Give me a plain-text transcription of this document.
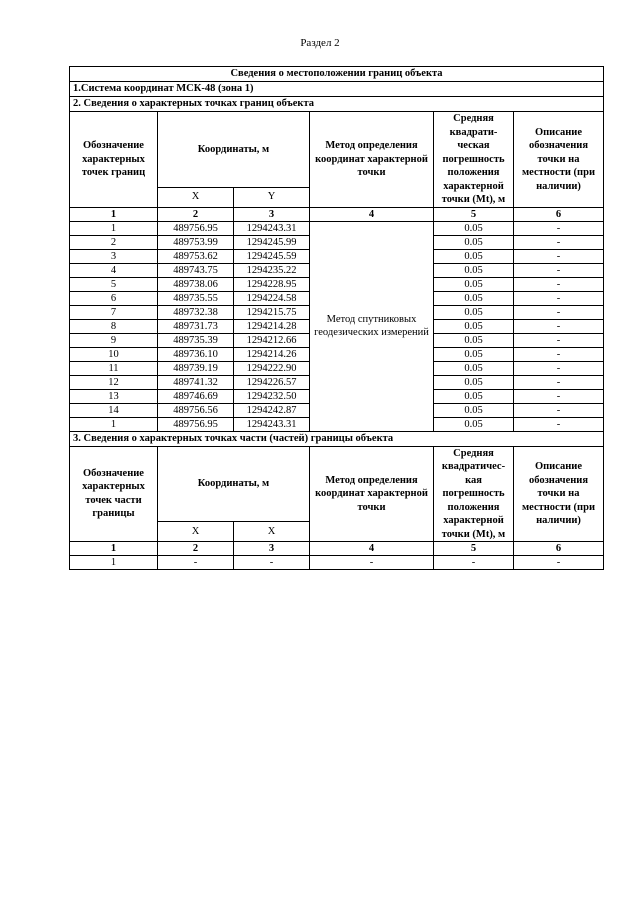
Раздел 2
Сведения о местоположении границ объекта					
1.Система координат МСК-48 (зона 1)					
2. Сведения о характерных точках границ объекта					
Обозначение характерных точек границ	Координаты, м		Метод определения координат характерной точки	Средняя квадрати-ческая погрешность положения характерной точки (Mt), м	Описание обозначения точки на местности (при наличии)
	X	Y			
1	2	3	4	5	6
1	489756.95	1294243.31	Метод спутниковых геодезических измерений	0.05	-
2	489753.99	1294245.99		0.05	-
3	489753.62	1294245.59		0.05	-
4	489743.75	1294235.22		0.05	-
5	489738.06	1294228.95		0.05	-
6	489735.55	1294224.58		0.05	-
7	489732.38	1294215.75		0.05	-
8	489731.73	1294214.28		0.05	-
9	489735.39	1294212.66		0.05	-
10	489736.10	1294214.26		0.05	-
11	489739.19	1294222.90		0.05	-
12	489741.32	1294226.57		0.05	-
13	489746.69	1294232.50		0.05	-
14	489756.56	1294242.87		0.05	-
1	489756.95	1294243.31		0.05	-
3. Сведения о характерных точках части (частей) границы объекта					
Обозначение характерных точек части границы	Координаты, м		Метод определения координат характерной точки	Средняя квадратичес-кая погрешность положения характерной точки (Mt), м	Описание обозначения точки на местности (при наличии)
	X	X			
1	2	3	4	5	6
1	-	-	-	-	-
